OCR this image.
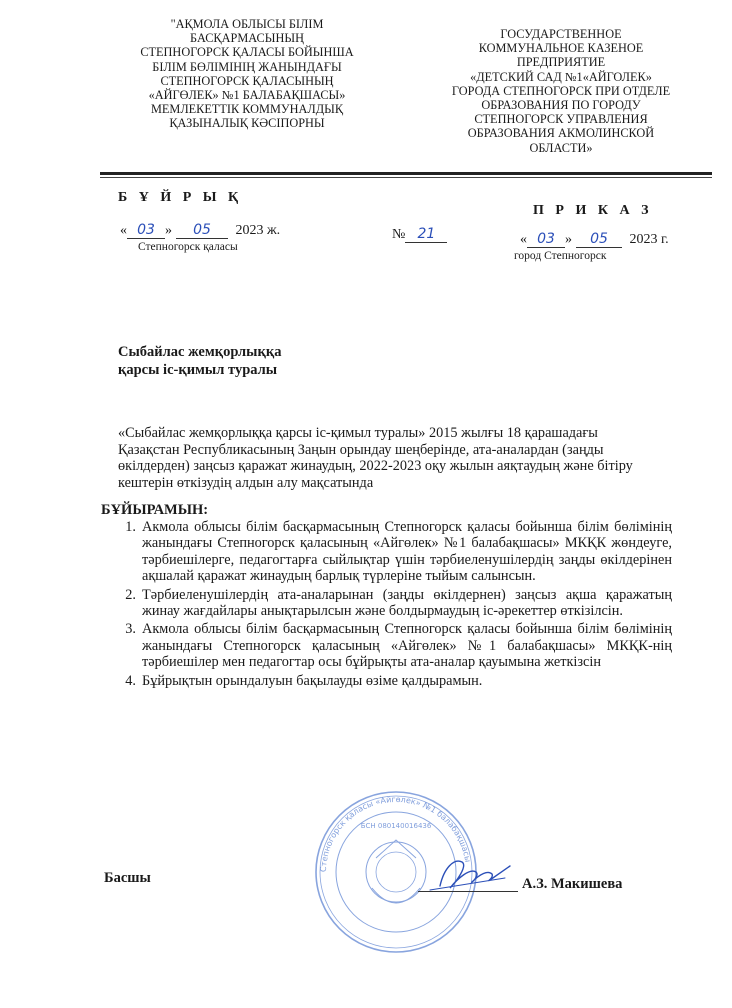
"АҚМОЛА ОБЛЫСЫ БІЛІМ
БАСҚАРМАСЫНЫҢ
СТЕПНОГОРСК ҚАЛАСЫ БОЙЫНША
БІЛІМ БӨЛІМІНІҢ ЖАНЫНДАҒЫ
СТЕПНОГОРСК ҚАЛАСЫНЫҢ
«АЙГӨЛЕК» №1 БАЛАБАҚШАСЫ»
МЕМЛЕКЕТТІК КОММУНАЛДЫҚ
ҚАЗЫНАЛЫҚ КӘСІПОРНЫ
ГОСУДАРСТВЕННОЕ
КОММУНАЛЬНОЕ КАЗЕНОЕ
ПРЕДПРИЯТИЕ
«ДЕТСКИЙ САД №1«АЙГОЛЕК»
ГОРОДА СТЕПНОГОРСК ПРИ ОТДЕЛЕ
ОБРАЗОВАНИЯ ПО ГОРОДУ
СТЕПНОГОРСК УПРАВЛЕНИЯ
ОБРАЗОВАНИЯ АКМОЛИНСКОЙ
ОБЛАСТИ»
Б Ұ Й Р Ы Қ
П Р И К А З
« 03 » 05 2023 ж.
Степногорск қаласы
№ 21	« 03 » 05 2023 г.
город Степногорск
Сыбайлас жемқорлыққа
қарсы іс-қимыл туралы
«Сыбайлас жемқорлыққа қарсы іс-қимыл туралы» 2015 жылғы 18 қарашадағы Қазақстан Республикасының Заңын орындау шеңберінде, ата-аналардан (заңды өкілдерден) заңсыз қаражат жинаудың, 2022-2023 оқу жылын аяқтаудың және бітіру кештерін өткізудің алдын алу мақсатында
БҰЙЫРАМЫН:
1. Акмола облысы білім басқармасының Степногорск қаласы бойынша білім бөлімінің жанындағы Степногорск қаласының «Айгөлек» №1 балабақшасы» МКҚК жөндеуге, тәрбиешілерге, педагогтарға сыйлықтар үшін тәрбиеленушілердің заңды өкілдерінен ақшалай қаражат жинаудың барлық түрлеріне тыйым салынсын.
2. Тәрбиеленушілердің ата-аналарынан (заңды өкілдернен) заңсыз ақша қаражатың жинау жағдайлары анықтарылсын және болдырмаудың іс-әрекеттер өткізілсін.
3. Акмола облысы білім басқармасының Степногорск қаласы бойынша білім бөлімінің жанындағы Степногорск қаласының «Айгөлек» №1 балабақшасы» МКҚК-нің тәрбиешілер мен педагогтар осы бұйрықты ата-аналар қауымына жеткізсін
4. Бұйрықтын орындалуын бақылауды өзіме қалдырамын.
Степногорск қаласы «Айгөлек» №1 балабақшасы
БСН 080140016436
Басшы	А.З. Макишева
